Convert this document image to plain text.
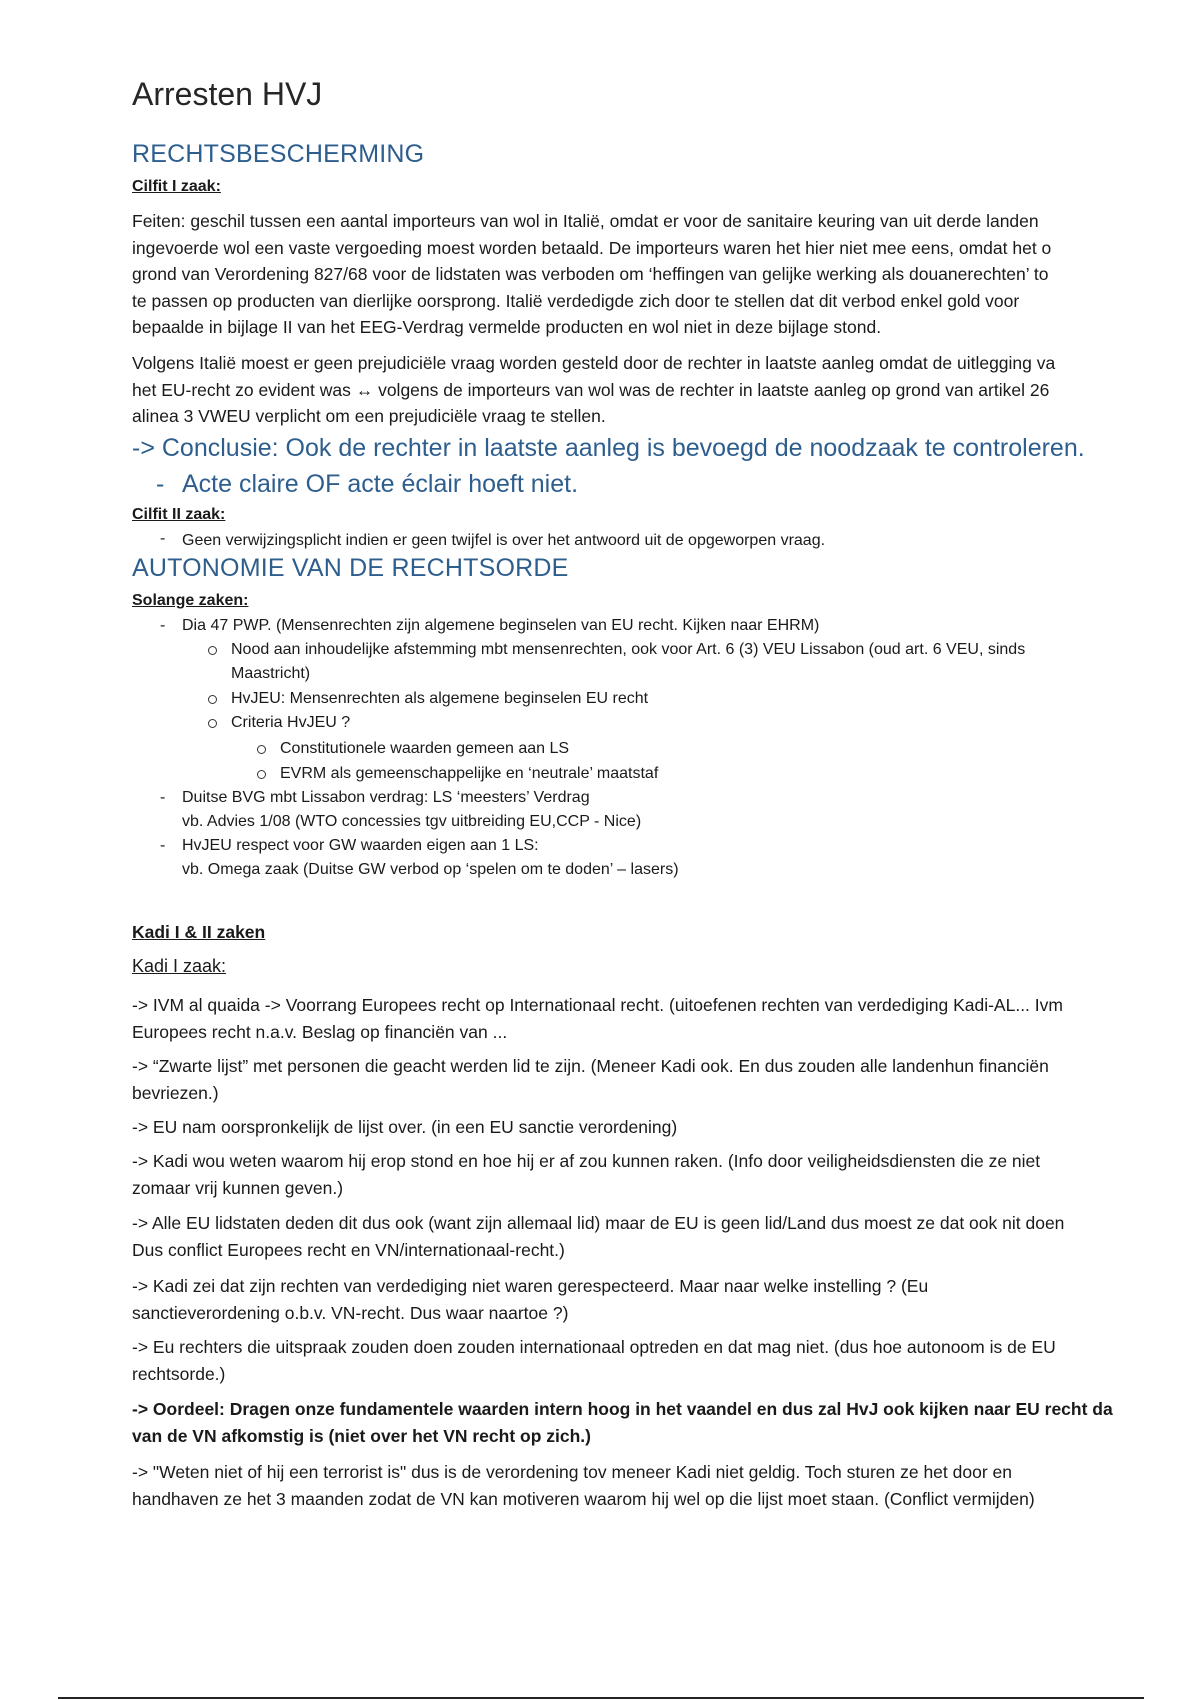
Arresten HVJ
RECHTSBESCHERMING
Cilfit I zaak:
Feiten: geschil tussen een aantal importeurs van wol in Italië, omdat er voor de sanitaire keuring van uit derde landen
ingevoerde wol een vaste vergoeding moest worden betaald. De importeurs waren het hier niet mee eens, omdat het o
grond van Verordening 827/68 voor de lidstaten was verboden om ‘heffingen van gelijke werking als douanerechten’ to
te passen op producten van dierlijke oorsprong. Italië verdedigde zich door te stellen dat dit verbod enkel gold voor
bepaalde in bijlage II van het EEG-Verdrag vermelde producten en wol niet in deze bijlage stond.
Volgens Italië moest er geen prejudiciële vraag worden gesteld door de rechter in laatste aanleg omdat de uitlegging va
het EU-recht zo evident was ↔ volgens de importeurs van wol was de rechter in laatste aanleg op grond van artikel 26
alinea 3 VWEU verplicht om een prejudiciële vraag te stellen.
-> Conclusie: Ook de rechter in laatste aanleg is bevoegd de noodzaak te controleren.
- Acte claire OF acte éclair hoeft niet.
Cilfit II zaak:
- Geen verwijzingsplicht indien er geen twijfel is over het antwoord uit de opgeworpen vraag.
AUTONOMIE VAN DE RECHTSORDE
Solange zaken:
- Dia 47 PWP. (Mensenrechten zijn algemene beginselen van EU recht. Kijken naar EHRM)
Nood aan inhoudelijke afstemming mbt mensenrechten, ook voor Art. 6 (3) VEU Lissabon (oud art. 6 VEU, sinds
Maastricht)
HvJEU: Mensenrechten als algemene beginselen EU recht
Criteria HvJEU ?
Constitutionele waarden gemeen aan LS
EVRM als gemeenschappelijke en ‘neutrale’ maatstaf
- Duitse BVG mbt Lissabon verdrag: LS ‘meesters’ Verdrag
vb. Advies 1/08 (WTO concessies tgv uitbreiding EU,CCP - Nice)
- HvJEU respect voor GW waarden eigen aan 1 LS:
vb. Omega zaak (Duitse GW verbod op ‘spelen om te doden’ – lasers)
Kadi I & II zaken
Kadi I zaak:
-> IVM al quaida -> Voorrang Europees recht op Internationaal recht. (uitoefenen rechten van verdediging Kadi-AL... Ivm
Europees recht n.a.v. Beslag op financiën van ...
-> “Zwarte lijst” met personen die geacht werden lid te zijn. (Meneer Kadi ook. En dus zouden alle landenhun financiën
bevriezen.)
-> EU nam oorspronkelijk de lijst over. (in een EU sanctie verordening)
-> Kadi wou weten waarom hij erop stond en hoe hij er af zou kunnen raken. (Info door veiligheidsdiensten die ze niet
zomaar vrij kunnen geven.)
-> Alle EU lidstaten deden dit dus ook (want zijn allemaal lid) maar de EU is geen lid/Land dus moest ze dat ook nit doen
Dus conflict Europees recht en VN/internationaal-recht.)
-> Kadi zei dat zijn rechten van verdediging niet waren gerespecteerd. Maar naar welke instelling ? (Eu
sanctieverordening o.b.v. VN-recht. Dus waar naartoe ?)
-> Eu rechters die uitspraak zouden doen zouden internationaal optreden en dat mag niet. (dus hoe autonoom is de EU
rechtsorde.)
-> Oordeel: Dragen onze fundamentele waarden intern hoog in het vaandel en dus zal HvJ ook kijken naar EU recht da
van de VN afkomstig is (niet over het VN recht op zich.)
-> "Weten niet of hij een terrorist is" dus is de verordening tov meneer Kadi niet geldig. Toch sturen ze het door en
handhaven ze het 3 maanden zodat de VN kan motiveren waarom hij wel op die lijst moet staan. (Conflict vermijden)
